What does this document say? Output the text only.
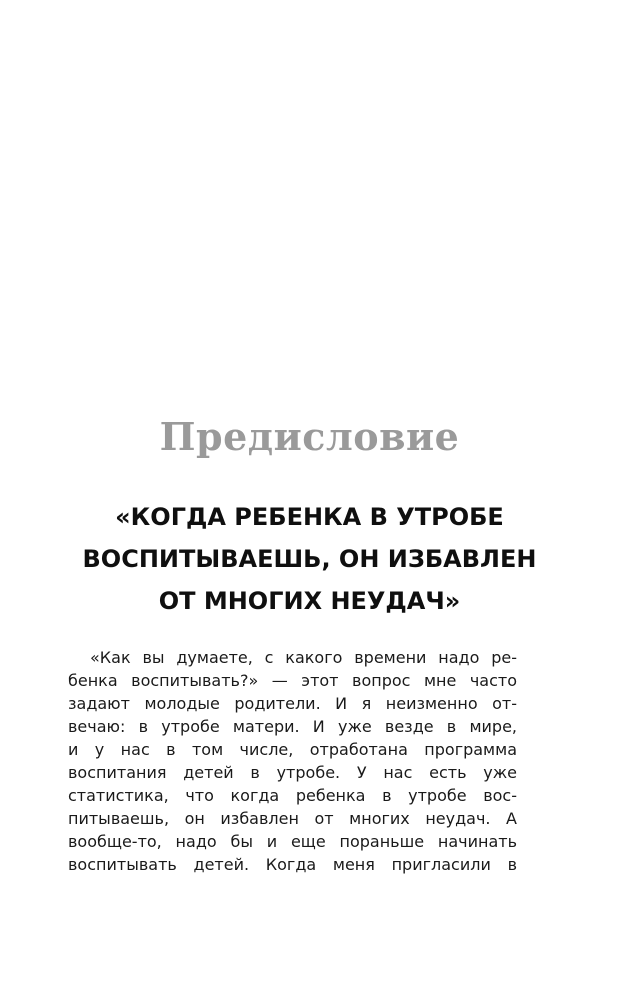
Предисловие
«КОГДА РЕБЕНКА В УТРОБЕ
ВОСПИТЫВАЕШЬ, ОН ИЗБАВЛЕН
ОТ МНОГИХ НЕУДАЧ»
«Как вы думаете, с какого времени надо ре-
бенка воспитывать?» — этот вопрос мне часто
задают молодые родители. И я неизменно от-
вечаю: в утробе матери. И уже везде в мире,
и у нас в том числе, отработана программа
воспитания детей в утробе. У нас есть уже
статистика, что когда ребенка в утробе вос-
питываешь, он избавлен от многих неудач. А
вообще-то, надо бы и еще пораньше начинать
воспитывать детей. Когда меня пригласили в
